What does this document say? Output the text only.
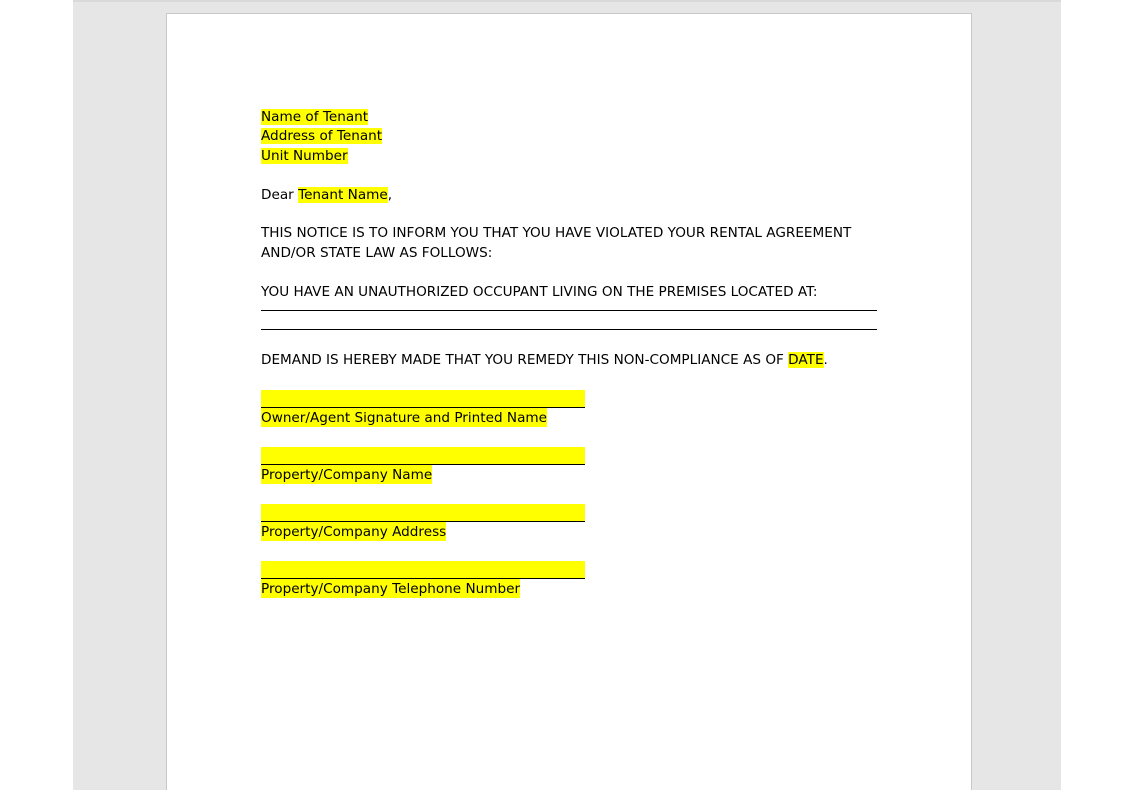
Name of Tenant
Address of Tenant
Unit Number
Dear Tenant Name,
THIS NOTICE IS TO INFORM YOU THAT YOU HAVE VIOLATED YOUR RENTAL AGREEMENT
AND/OR STATE LAW AS FOLLOWS:
YOU HAVE AN UNAUTHORIZED OCCUPANT LIVING ON THE PREMISES LOCATED AT:
DEMAND IS HEREBY MADE THAT YOU REMEDY THIS NON-COMPLIANCE AS OF DATE.
Owner/Agent Signature and Printed Name
Property/Company Name
Property/Company Address
Property/Company Telephone Number
